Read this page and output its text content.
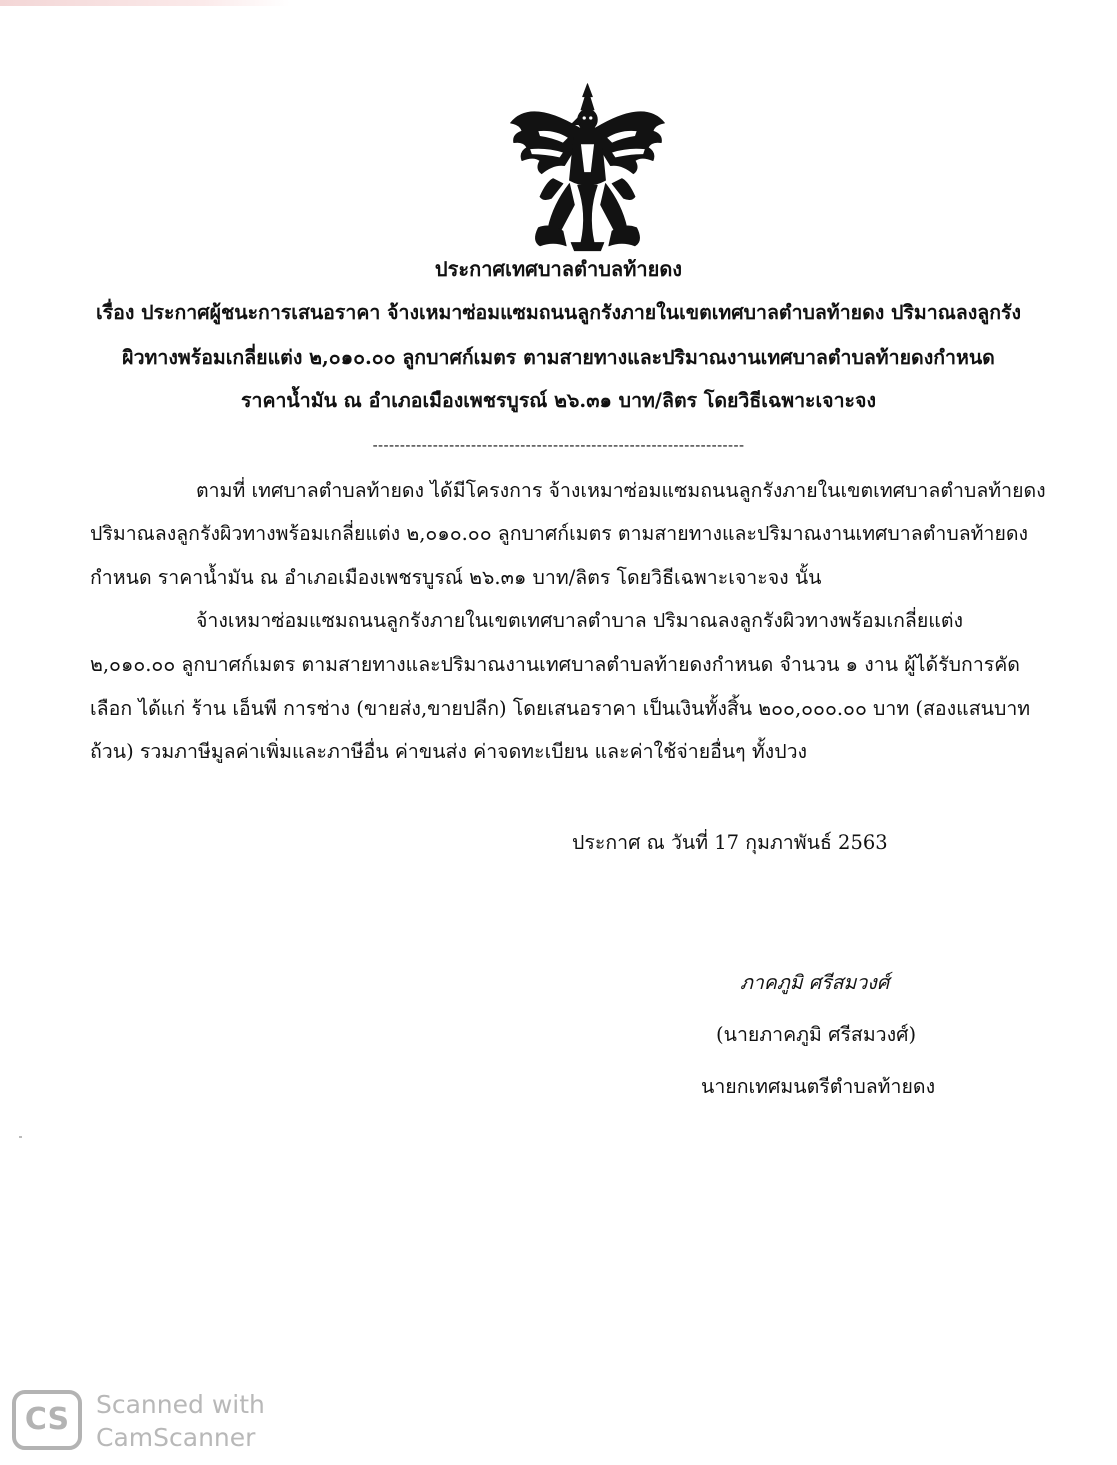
ประกาศเทศบาลตำบลท้ายดง
เรื่อง ประกาศผู้ชนะการเสนอราคา จ้างเหมาซ่อมแซมถนนลูกรังภายในเขตเทศบาลตำบลท้ายดง ปริมาณลงลูกรัง
ผิวทางพร้อมเกลี่ยแต่ง ๒,๐๑๐.๐๐ ลูกบาศก์เมตร ตามสายทางและปริมาณงานเทศบาลตำบลท้ายดงกำหนด
ราคาน้ำมัน ณ อำเภอเมืองเพชรบูรณ์ ๒๖.๓๑ บาท/ลิตร โดยวิธีเฉพาะเจาะจง
--------------------------------------------------------------------
ตามที่ เทศบาลตำบลท้ายดง ได้มีโครงการ จ้างเหมาซ่อมแซมถนนลูกรังภายในเขตเทศบาลตำบลท้ายดง
ปริมาณลงลูกรังผิวทางพร้อมเกลี่ยแต่ง ๒,๐๑๐.๐๐ ลูกบาศก์เมตร ตามสายทางและปริมาณงานเทศบาลตำบลท้ายดง
กำหนด ราคาน้ำมัน ณ อำเภอเมืองเพชรบูรณ์ ๒๖.๓๑ บาท/ลิตร โดยวิธีเฉพาะเจาะจง นั้น
จ้างเหมาซ่อมแซมถนนลูกรังภายในเขตเทศบาลตำบาล ปริมาณลงลูกรังผิวทางพร้อมเกลี่ยแต่ง
๒,๐๑๐.๐๐ ลูกบาศก์เมตร ตามสายทางและปริมาณงานเทศบาลตำบลท้ายดงกำหนด จำนวน ๑ งาน ผู้ได้รับการคัด
เลือก ได้แก่ ร้าน เอ็นพี การช่าง (ขายส่ง,ขายปลีก) โดยเสนอราคา เป็นเงินทั้งสิ้น ๒๐๐,๐๐๐.๐๐ บาท (สองแสนบาท
ถ้วน) รวมภาษีมูลค่าเพิ่มและภาษีอื่น ค่าขนส่ง ค่าจดทะเบียน และค่าใช้จ่ายอื่นๆ ทั้งปวง
ประกาศ ณ วันที่ 17 กุมภาพันธ์ 2563
ภาคภูมิ ศรีสมวงศ์
(นายภาคภูมิ ศรีสมวงศ์)
นายกเทศมนตรีตำบลท้ายดง
CS	Scanned with
CamScanner
